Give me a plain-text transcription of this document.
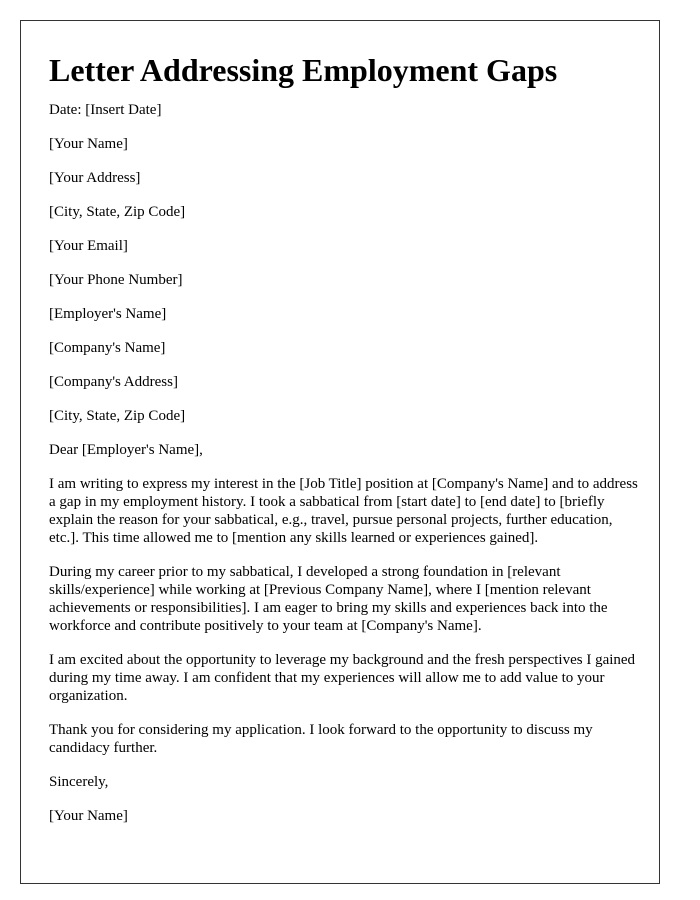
Letter Addressing Employment Gaps

Date: [Insert Date]

[Your Name]

[Your Address]

[City, State, Zip Code]

[Your Email]

[Your Phone Number]

[Employer's Name]

[Company's Name]

[Company's Address]

[City, State, Zip Code]

Dear [Employer's Name],

I am writing to express my interest in the [Job Title] position at [Company's Name] and to address a gap in my employment history. I took a sabbatical from [start date] to [end date] to [briefly explain the reason for your sabbatical, e.g., travel, pursue personal projects, further education, etc.]. This time allowed me to [mention any skills learned or experiences gained].

During my career prior to my sabbatical, I developed a strong foundation in [relevant skills/experience] while working at [Previous Company Name], where I [mention relevant achievements or responsibilities]. I am eager to bring my skills and experiences back into the workforce and contribute positively to your team at [Company's Name].

I am excited about the opportunity to leverage my background and the fresh perspectives I gained during my time away. I am confident that my experiences will allow me to add value to your organization.

Thank you for considering my application. I look forward to the opportunity to discuss my candidacy further.

Sincerely,

[Your Name]
